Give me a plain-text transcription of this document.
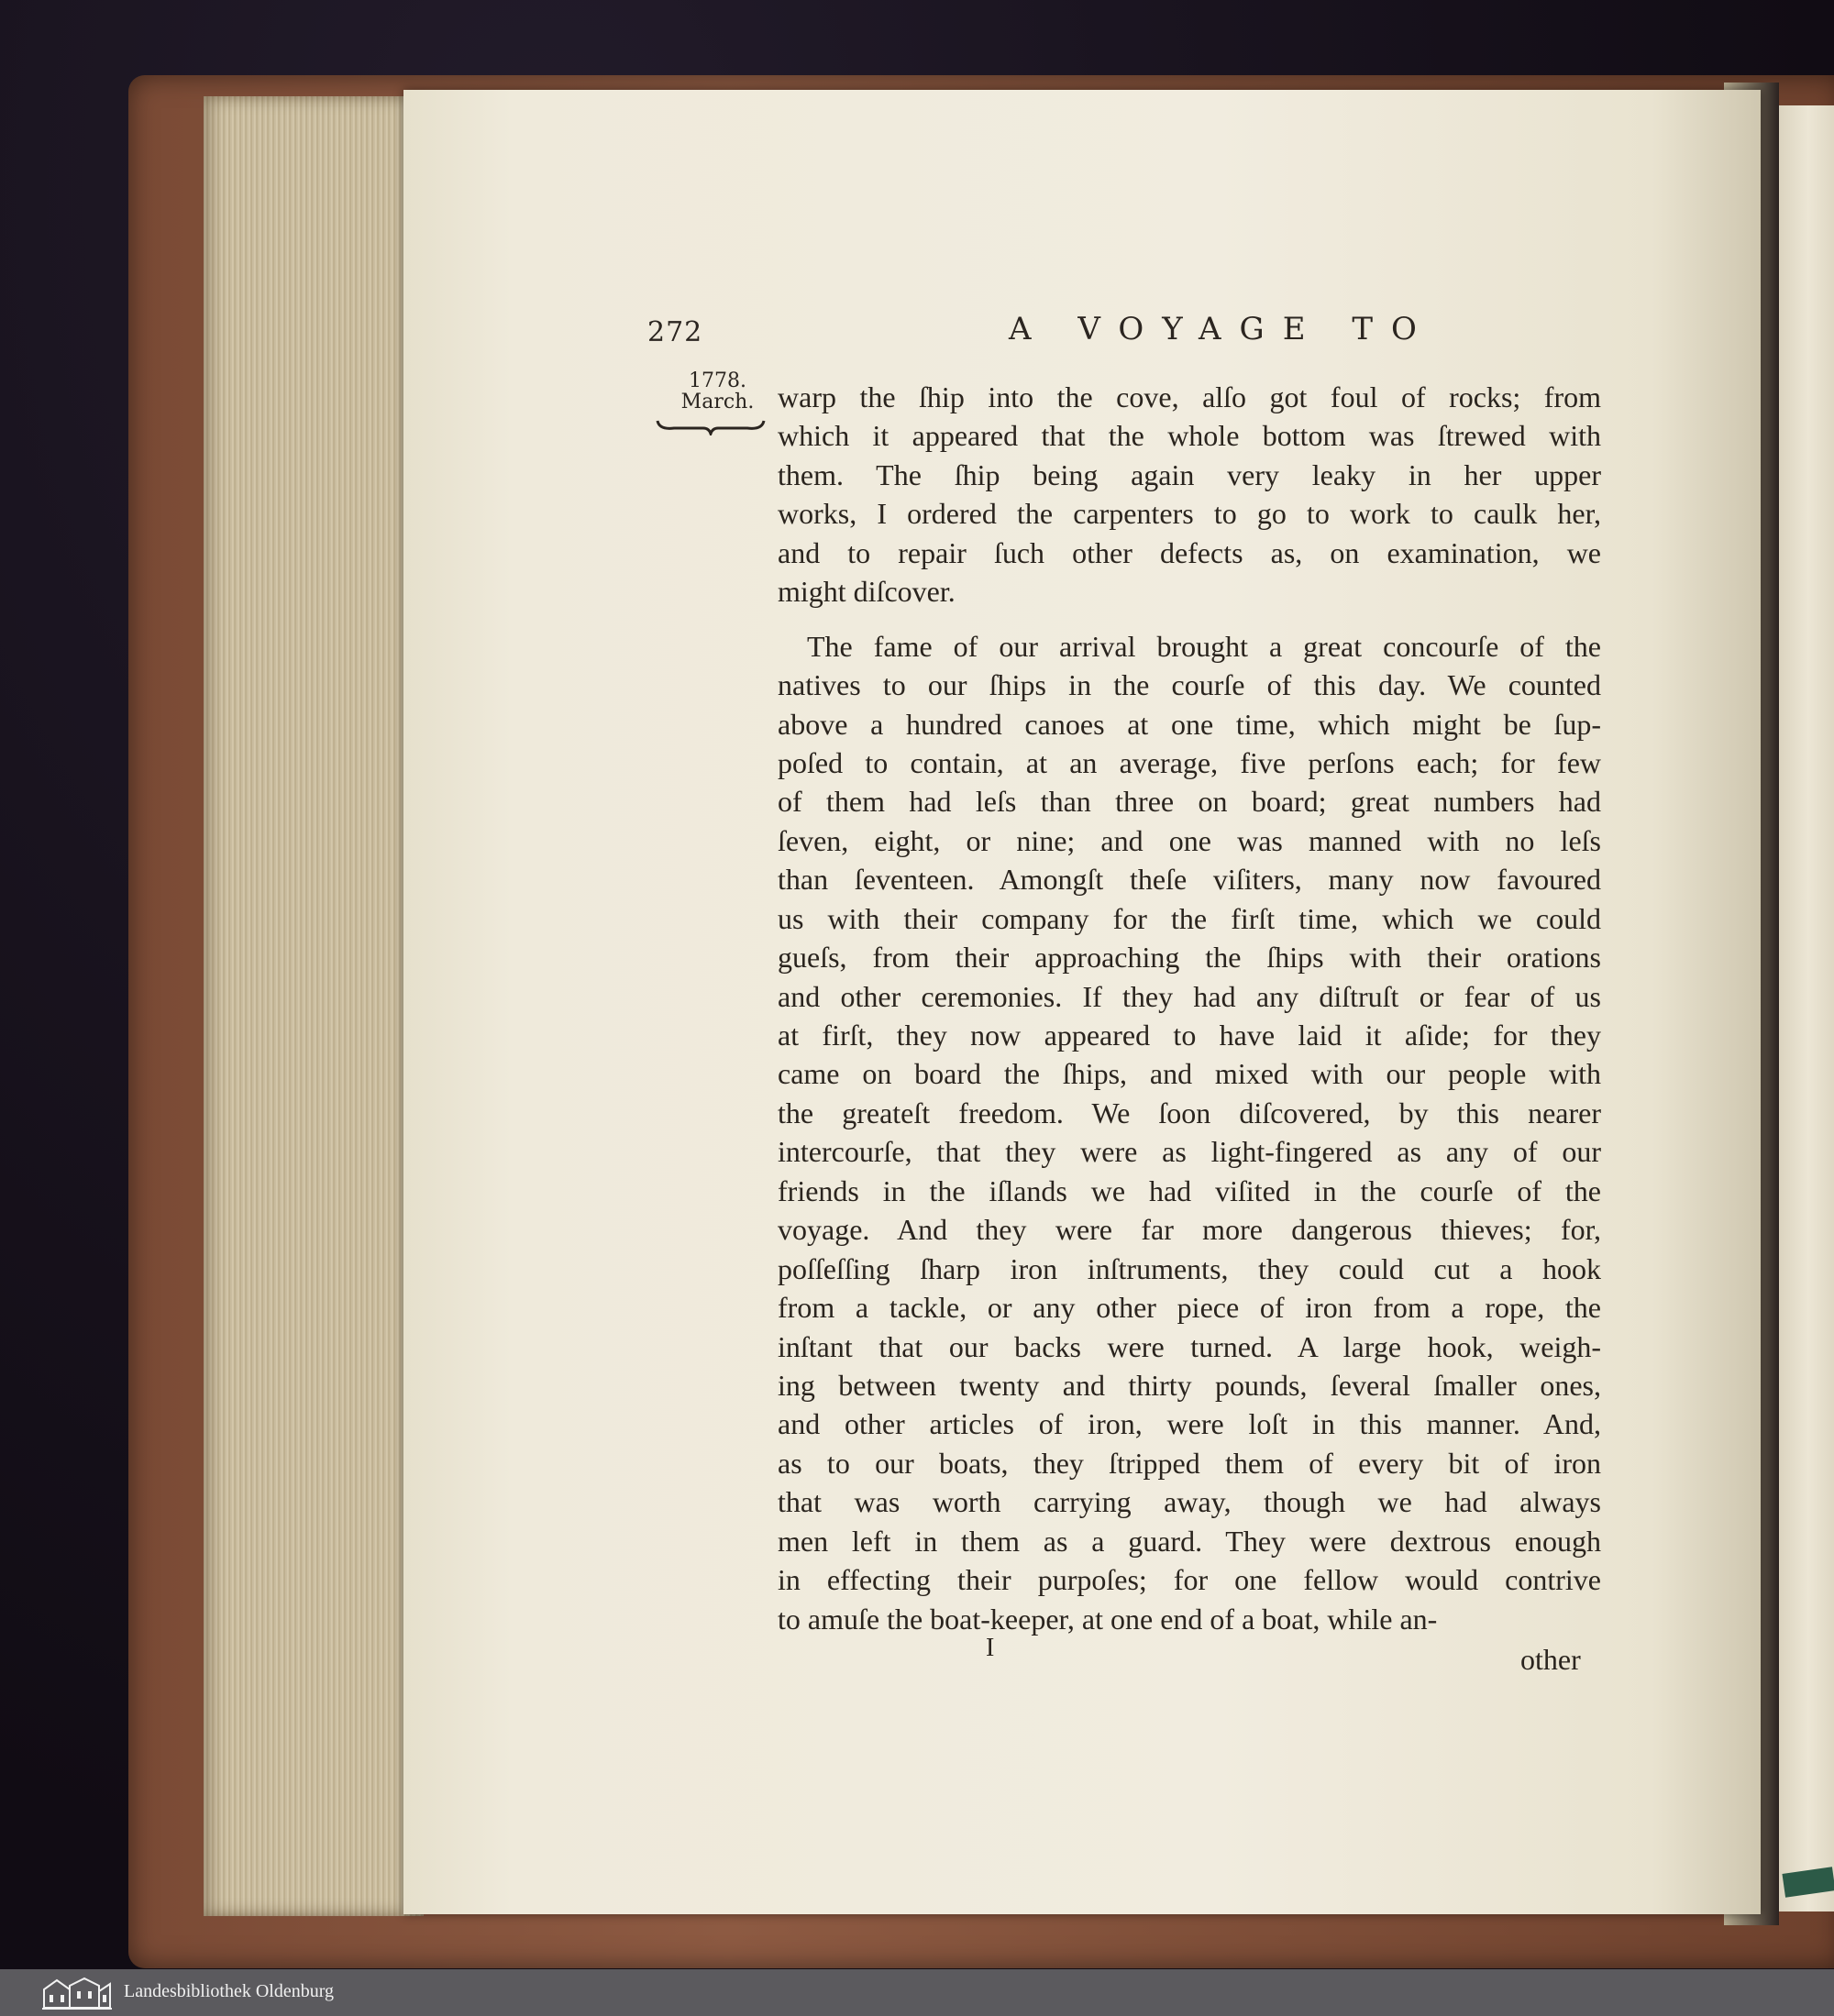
272	A VOYAGE TO
1778.
March. warp the ſhip into the cove, alſo got foul of rocks; from
which it appeared that the whole bottom was ſtrewed with
them. The ſhip being again very leaky in her upper
works, I ordered the carpenters to go to work to caulk her,
and to repair ſuch other defects as, on examination, we
might diſcover.
The fame of our arrival brought a great concourſe of the
natives to our ſhips in the courſe of this day. We counted
above a hundred canoes at one time, which might be ſup-
poſed to contain, at an average, five perſons each; for few
of them had leſs than three on board; great numbers had
ſeven, eight, or nine; and one was manned with no leſs
than ſeventeen. Amongſt theſe viſiters, many now favoured
us with their company for the firſt time, which we could
gueſs, from their approaching the ſhips with their orations
and other ceremonies. If they had any diſtruſt or fear of us
at firſt, they now appeared to have laid it aſide; for they
came on board the ſhips, and mixed with our people with
the greateſt freedom. We ſoon diſcovered, by this nearer
intercourſe, that they were as light-fingered as any of our
friends in the iſlands we had viſited in the courſe of the
voyage. And they were far more dangerous thieves; for,
poſſeſſing ſharp iron inſtruments, they could cut a hook
from a tackle, or any other piece of iron from a rope, the
inſtant that our backs were turned. A large hook, weigh-
ing between twenty and thirty pounds, ſeveral ſmaller ones,
and other articles of iron, were loſt in this manner. And,
as to our boats, they ſtripped them of every bit of iron
that was worth carrying away, though we had always
men left in them as a guard. They were dextrous enough
in effecting their purpoſes; for one fellow would contrive
to amuſe the boat-keeper, at one end of a boat, while an-
I	other
Landesbibliothek Oldenburg
